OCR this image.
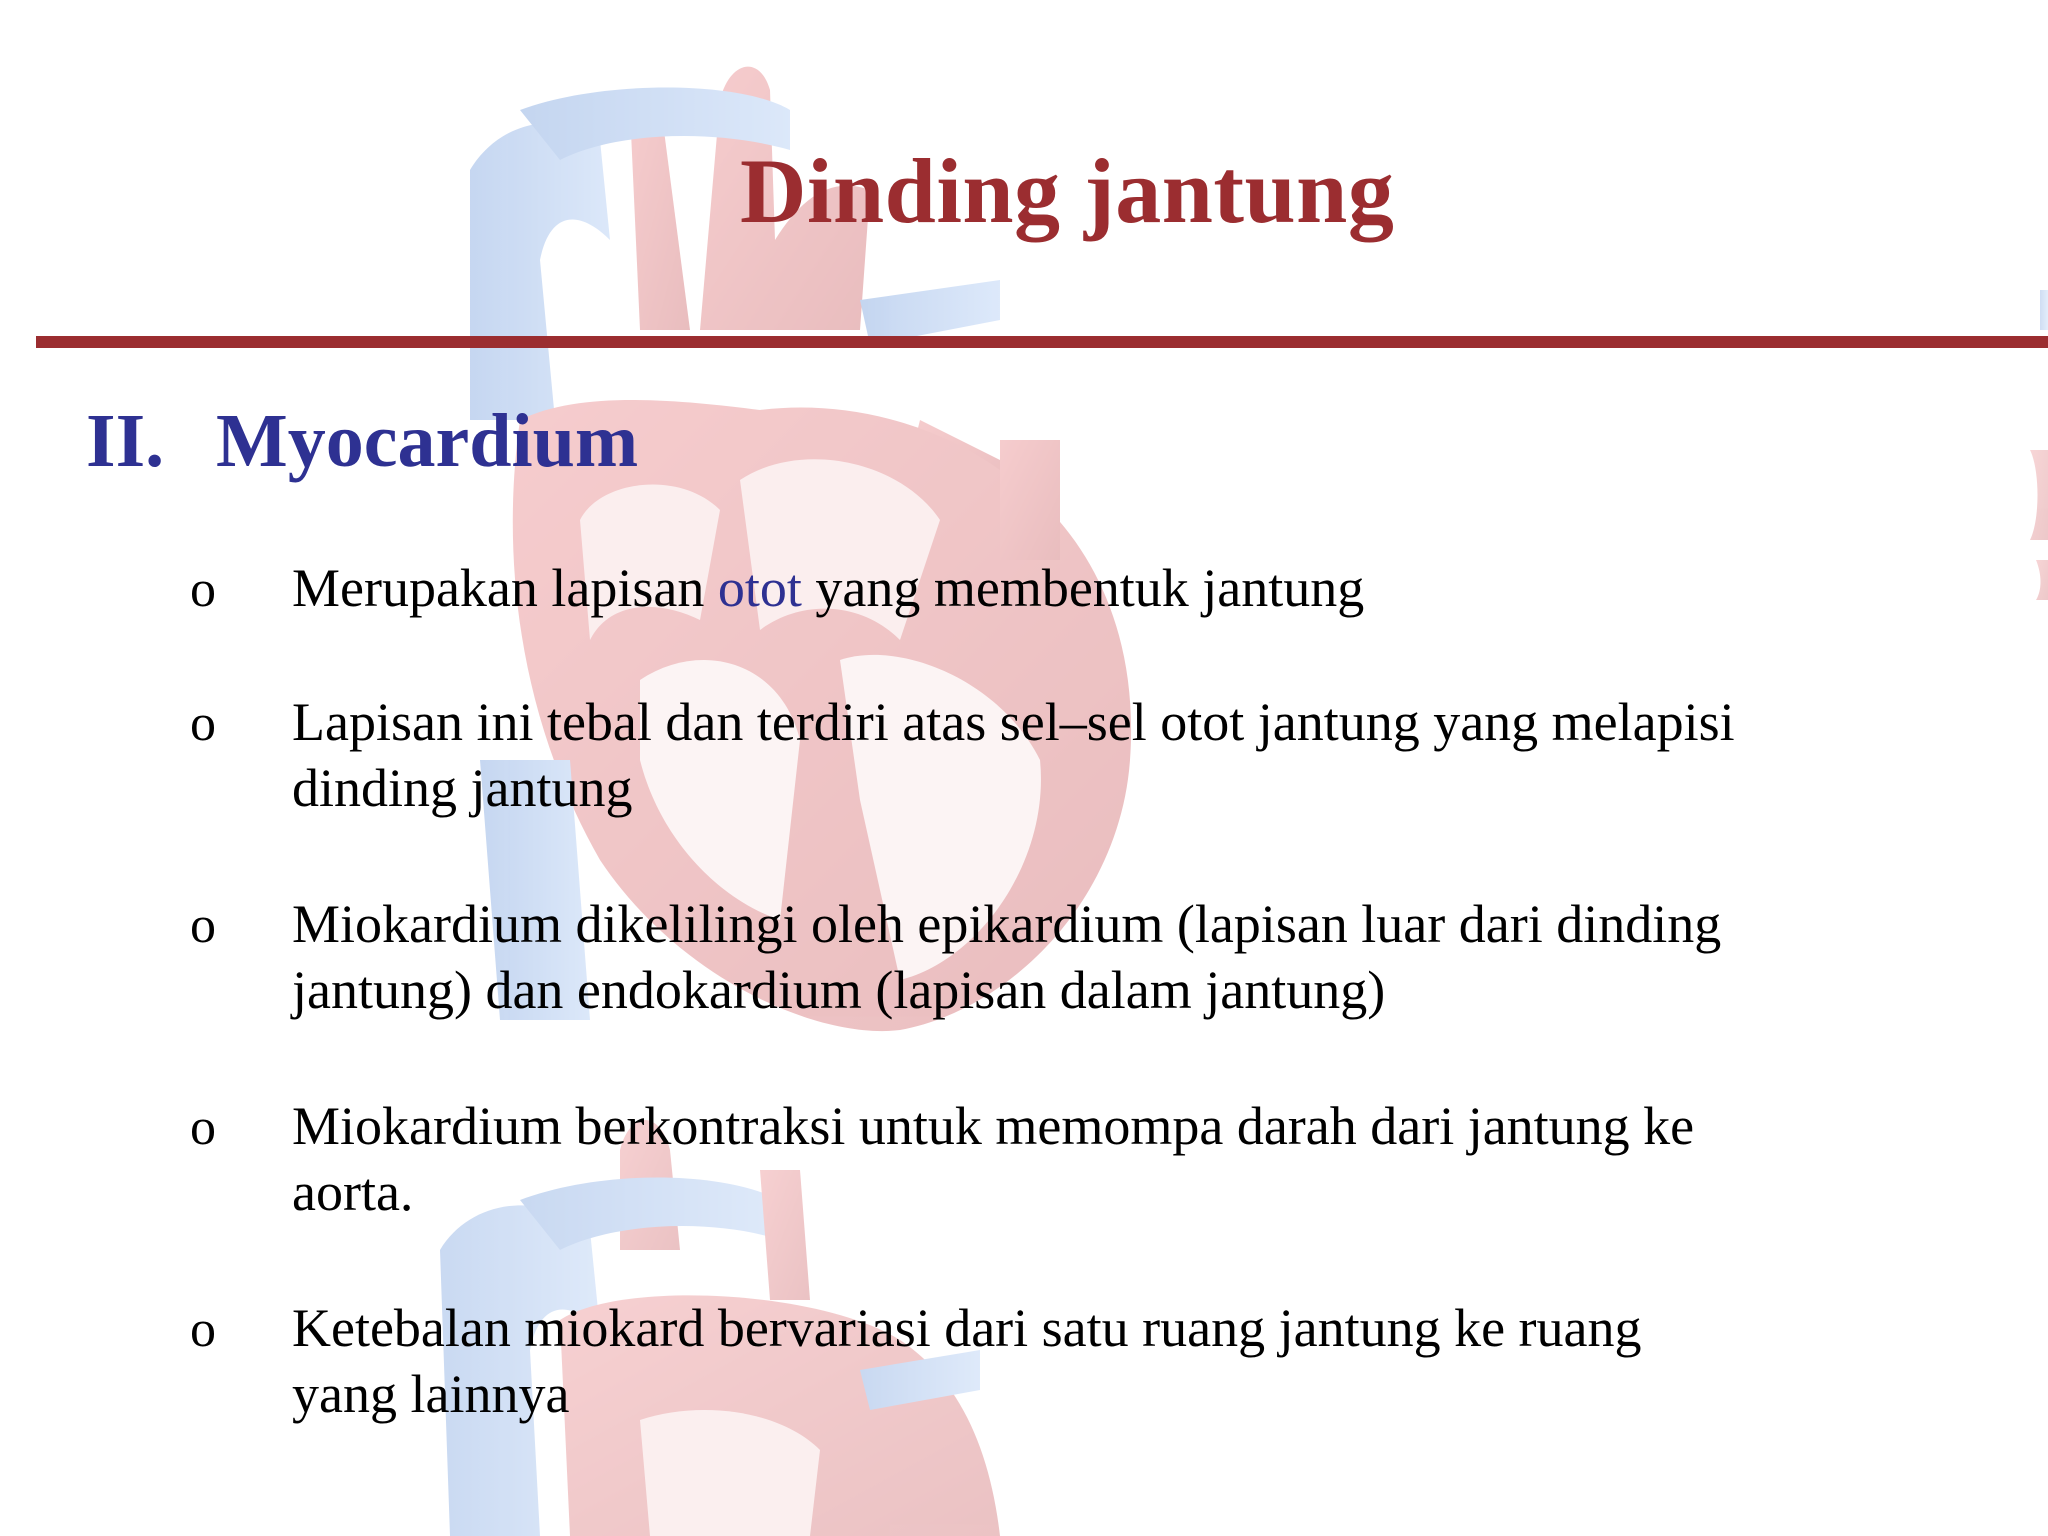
Dinding jantung
II. Myocardium
o Merupakan lapisan otot yang membentuk jantung
o Lapisan ini tebal dan terdiri atas sel–sel otot jantung yang melapisi dinding jantung
o Miokardium dikelilingi oleh epikardium (lapisan luar dari dinding jantung) dan endokardium (lapisan dalam jantung)
o Miokardium berkontraksi untuk memompa darah dari jantung ke aorta.
o Ketebalan miokard bervariasi dari satu ruang jantung ke ruang yang lainnya
